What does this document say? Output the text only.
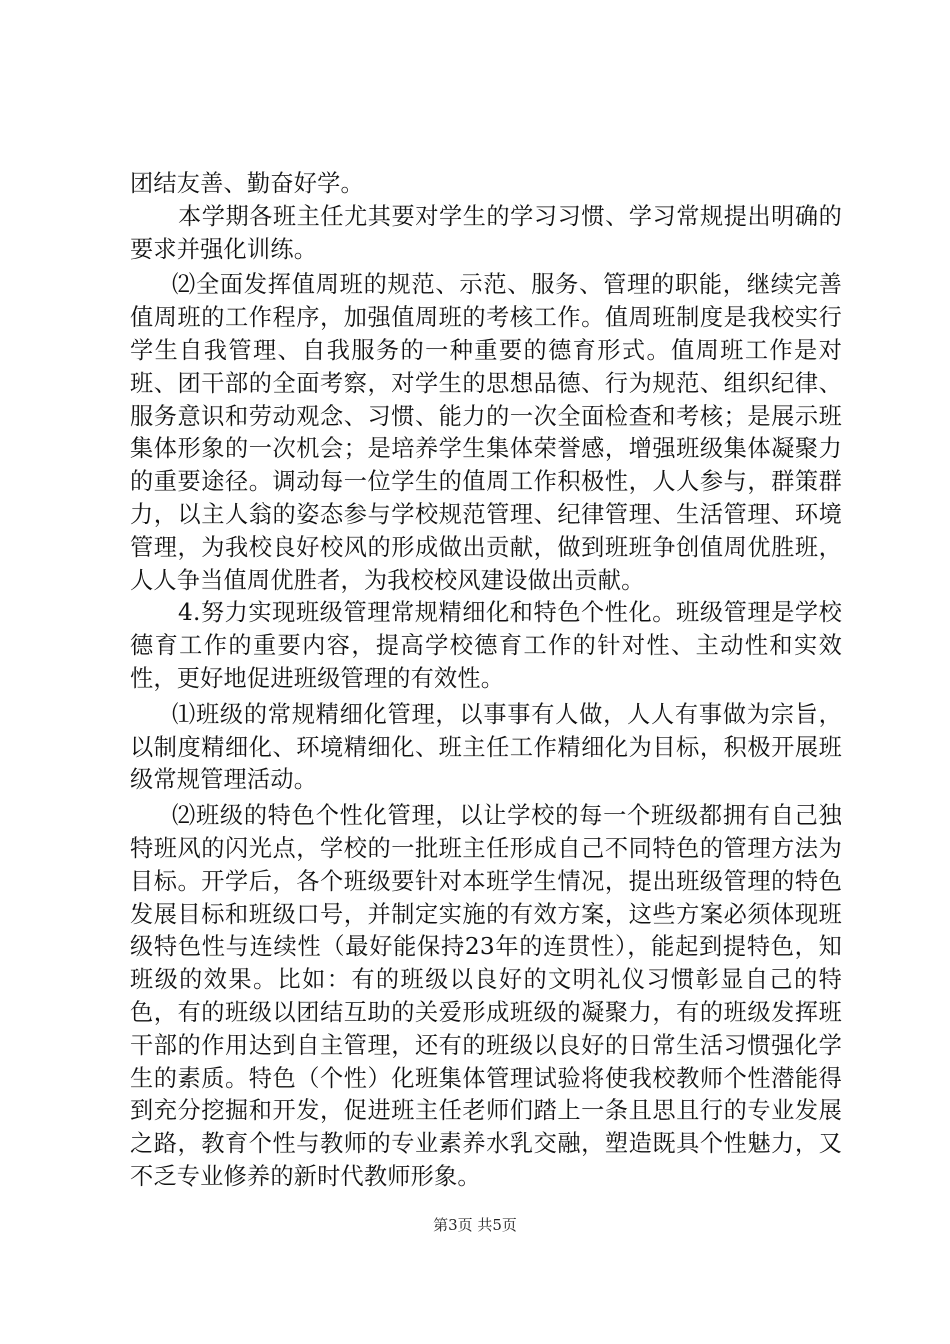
团结友善、勤奋好学。

本学期各班主任尤其要对学生的学习习惯、学习常规提出明确的要求并强化训练。

⑵全面发挥值周班的规范、示范、服务、管理的职能，继续完善值周班的工作程序，加强值周班的考核工作。值周班制度是我校实行学生自我管理、自我服务的一种重要的德育形式。值周班工作是对班、团干部的全面考察，对学生的思想品德、行为规范、组织纪律、服务意识和劳动观念、习惯、能力的一次全面检查和考核；是展示班集体形象的一次机会；是培养学生集体荣誉感，增强班级集体凝聚力的重要途径。调动每一位学生的值周工作积极性，人人参与，群策群力，以主人翁的姿态参与学校规范管理、纪律管理、生活管理、环境管理，为我校良好校风的形成做出贡献，做到班班争创值周优胜班，人人争当值周优胜者，为我校校风建设做出贡献。

4.努力实现班级管理常规精细化和特色个性化。班级管理是学校德育工作的重要内容，提高学校德育工作的针对性、主动性和实效性，更好地促进班级管理的有效性。

⑴班级的常规精细化管理，以事事有人做，人人有事做为宗旨，以制度精细化、环境精细化、班主任工作精细化为目标，积极开展班级常规管理活动。

⑵班级的特色个性化管理，以让学校的每一个班级都拥有自己独特班风的闪光点，学校的一批班主任形成自己不同特色的管理方法为目标。开学后，各个班级要针对本班学生情况，提出班级管理的特色发展目标和班级口号，并制定实施的有效方案，这些方案必须体现班级特色性与连续性（最好能保持23年的连贯性），能起到提特色，知班级的效果。比如：有的班级以良好的文明礼仪习惯彰显自己的特色，有的班级以团结互助的关爱形成班级的凝聚力，有的班级发挥班干部的作用达到自主管理，还有的班级以良好的日常生活习惯强化学生的素质。特色（个性）化班集体管理试验将使我校教师个性潜能得到充分挖掘和开发，促进班主任老师们踏上一条且思且行的专业发展之路，教育个性与教师的专业素养水乳交融，塑造既具个性魅力，又不乏专业修养的新时代教师形象。

第3页 共5页
